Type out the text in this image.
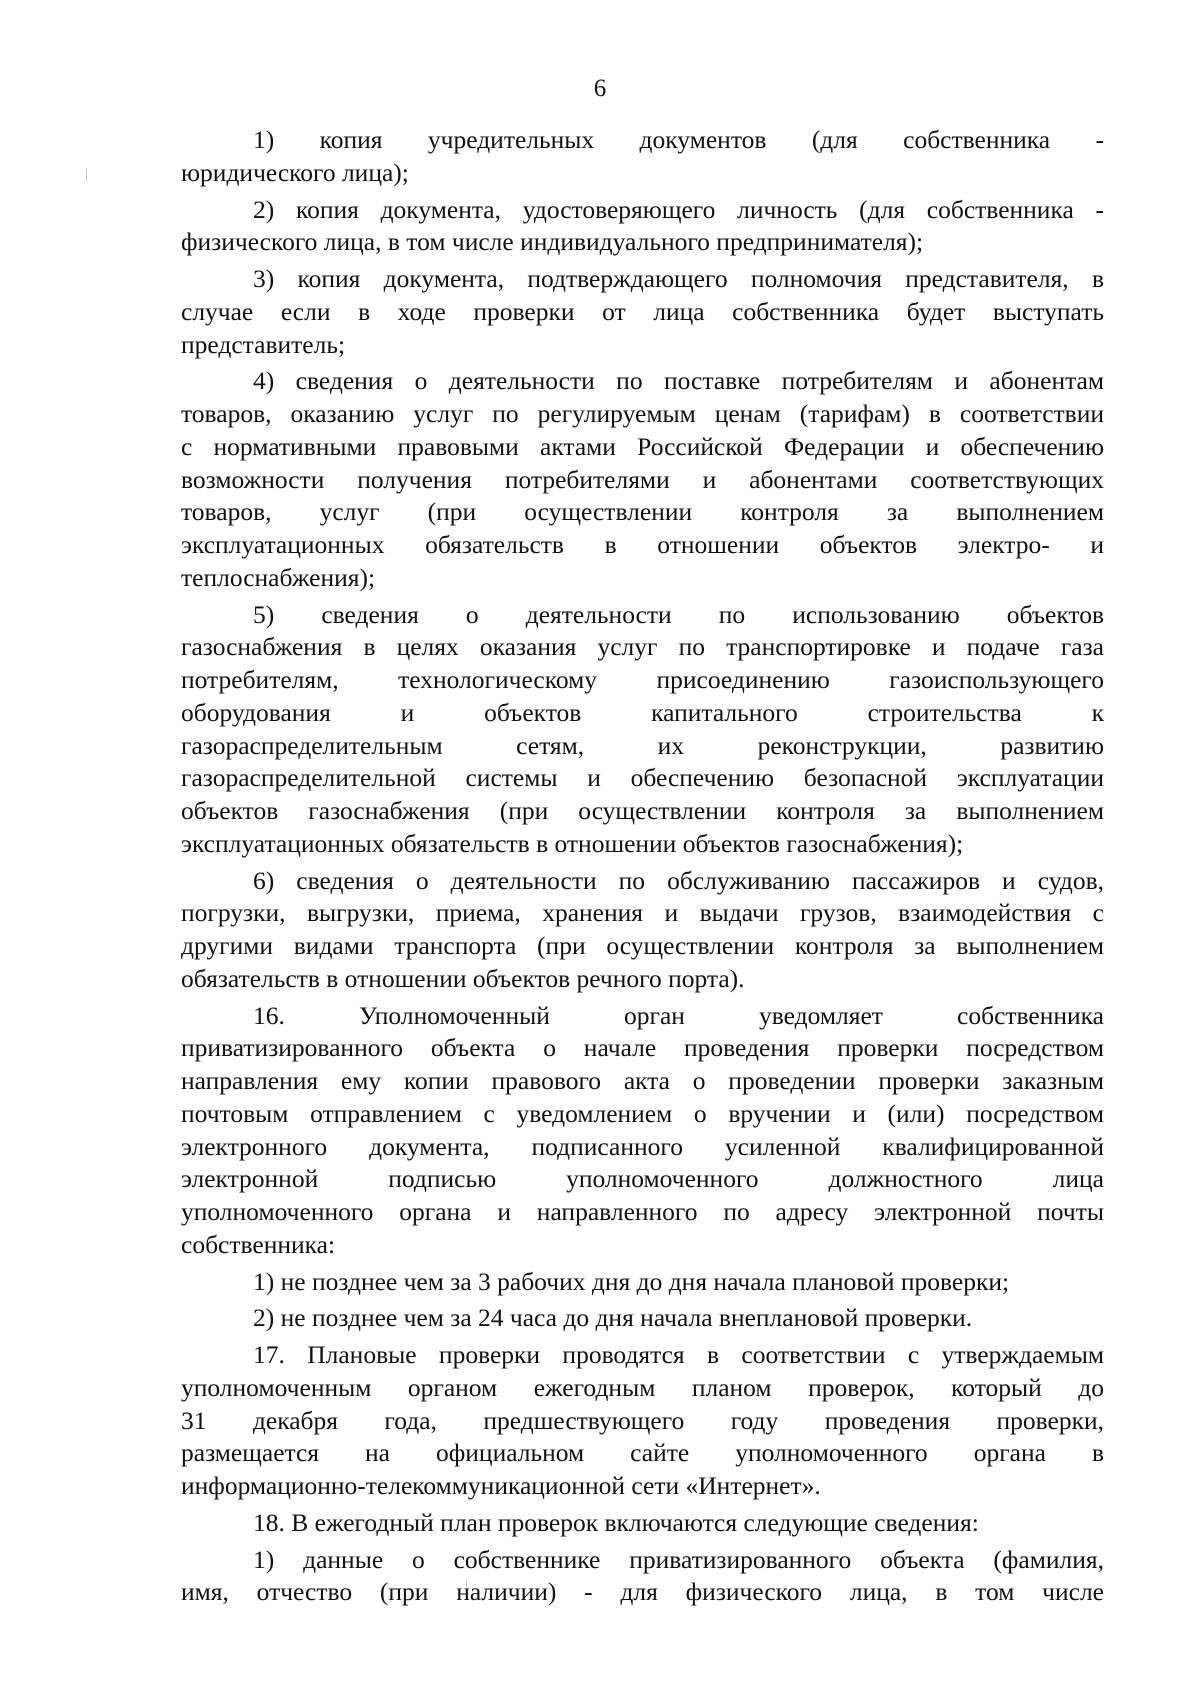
6
1) копия учредительных документов (для собственника -
юридического лица);
2) копия документа, удостоверяющего личность (для собственника -
физического лица, в том числе индивидуального предпринимателя);
3) копия документа, подтверждающего полномочия представителя, в
случае если в ходе проверки от лица собственника будет выступать
представитель;
4) сведения о деятельности по поставке потребителям и абонентам
товаров, оказанию услуг по регулируемым ценам (тарифам) в соответствии
с нормативными правовыми актами Российской Федерации и обеспечению
возможности получения потребителями и абонентами соответствующих
товаров, услуг (при осуществлении контроля за выполнением
эксплуатационных обязательств в отношении объектов электро- и
теплоснабжения);
5) сведения о деятельности по использованию объектов
газоснабжения в целях оказания услуг по транспортировке и подаче газа
потребителям, технологическому присоединению газоиспользующего
оборудования и объектов капитального строительства к
газораспределительным сетям, их реконструкции, развитию
газораспределительной системы и обеспечению безопасной эксплуатации
объектов газоснабжения (при осуществлении контроля за выполнением
эксплуатационных обязательств в отношении объектов газоснабжения);
6) сведения о деятельности по обслуживанию пассажиров и судов,
погрузки, выгрузки, приема, хранения и выдачи грузов, взаимодействия с
другими видами транспорта (при осуществлении контроля за выполнением
обязательств в отношении объектов речного порта).
16. Уполномоченный орган уведомляет собственника
приватизированного объекта о начале проведения проверки посредством
направления ему копии правового акта о проведении проверки заказным
почтовым отправлением с уведомлением о вручении и (или) посредством
электронного документа, подписанного усиленной квалифицированной
электронной подписью уполномоченного должностного лица
уполномоченного органа и направленного по адресу электронной почты
собственника:
1) не позднее чем за 3 рабочих дня до дня начала плановой проверки;
2) не позднее чем за 24 часа до дня начала внеплановой проверки.
17. Плановые проверки проводятся в соответствии с утверждаемым
уполномоченным органом ежегодным планом проверок, который до
31 декабря года, предшествующего году проведения проверки,
размещается на официальном сайте уполномоченного органа в
информационно-телекоммуникационной сети «Интернет».
18. В ежегодный план проверок включаются следующие сведения:
1) данные о собственнике приватизированного объекта (фамилия,
имя, отчество (при наличии) - для физического лица, в том числе
